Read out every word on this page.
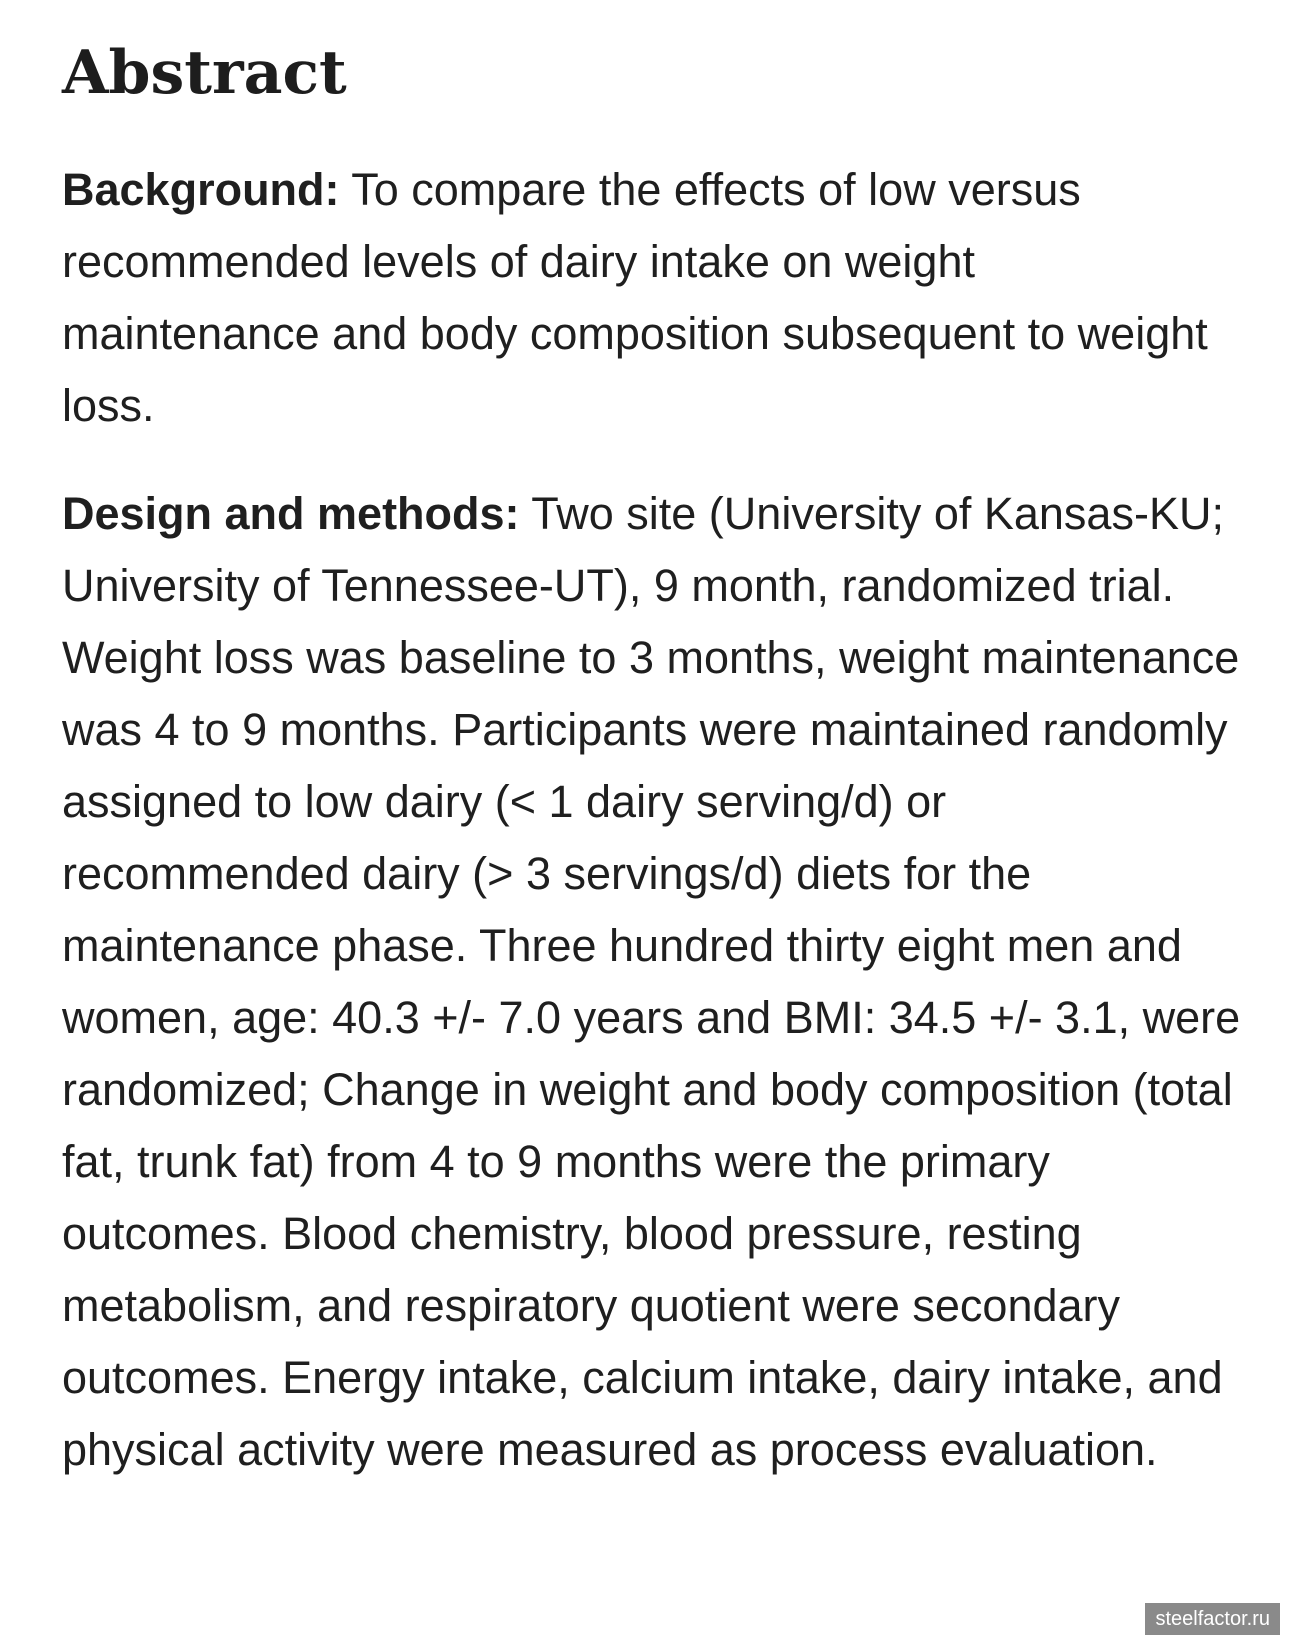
Abstract

Background: To compare the effects of low versus recommended levels of dairy intake on weight maintenance and body composition subsequent to weight loss.

Design and methods: Two site (University of Kansas-KU; University of Tennessee-UT), 9 month, randomized trial. Weight loss was baseline to 3 months, weight maintenance was 4 to 9 months. Participants were maintained randomly assigned to low dairy (< 1 dairy serving/d) or recommended dairy (> 3 servings/d) diets for the maintenance phase. Three hundred thirty eight men and women, age: 40.3 +/- 7.0 years and BMI: 34.5 +/- 3.1, were randomized; Change in weight and body composition (total fat, trunk fat) from 4 to 9 months were the primary outcomes. Blood chemistry, blood pressure, resting metabolism, and respiratory quotient were secondary outcomes. Energy intake, calcium intake, dairy intake, and physical activity were measured as process evaluation.

steelfactor.ru
